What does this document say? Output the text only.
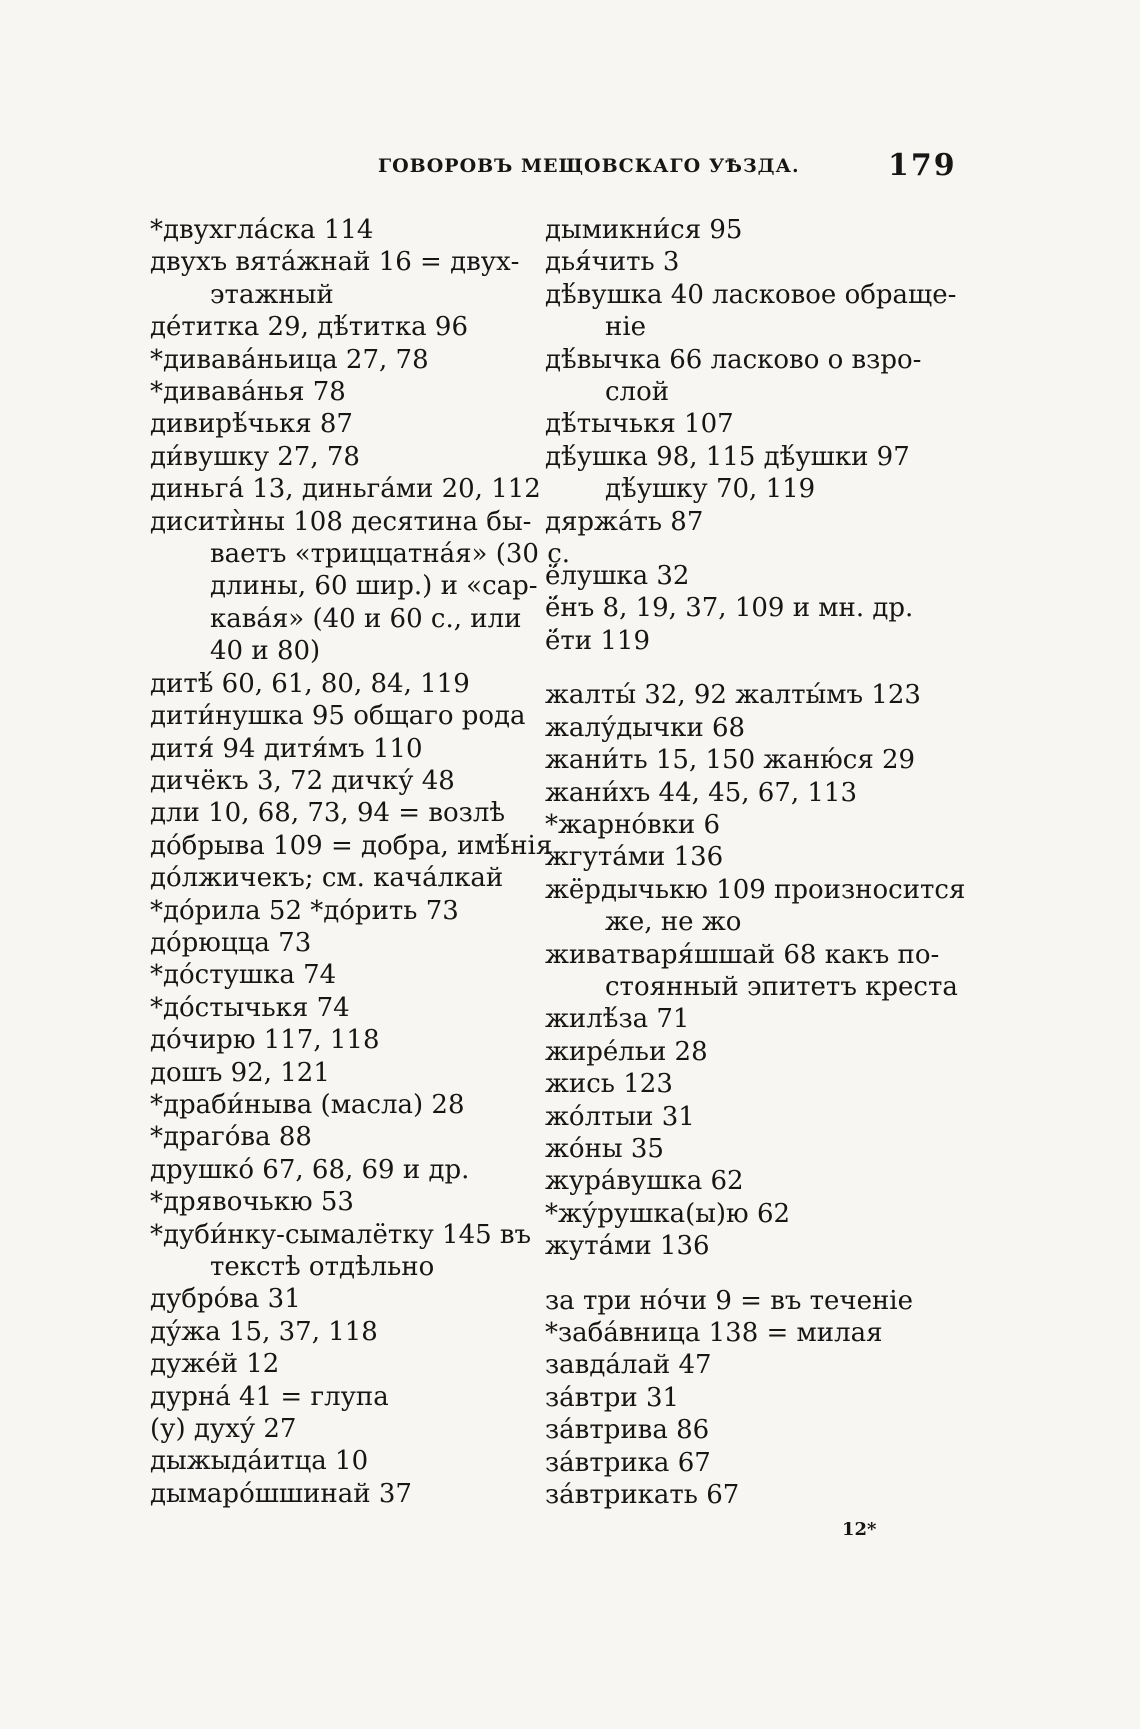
ГОВОРОВЪ МЕЩОВСКАГО УѢЗДА.	179
*двухгла́ска 114
двухъ вята́жнай 16 = двух-
этажный
де́титка 29, дѣ́титка 96
*дивава́ньица 27, 78
*дивава́нья 78
дивирѣ́чькя 87
ди́вушку 27, 78
диньга́ 13, диньга́ми 20, 112
диситѝны 108 десятина бы-
ваетъ «триццатна́я» (30 с.
длины, 60 шир.) и «сар-
кава́я» (40 и 60 с., или
40 и 80)
дитѣ́ 60, 61, 80, 84, 119
дити́нушка 95 общаго рода
дитя́ 94 дитя́мъ 110
дичёкъ 3, 72 дичку́ 48
дли 10, 68, 73, 94 = возлѣ
до́брыва 109 = добра, имѣ́нія
до́лжичекъ; см. кача́лкай
*до́рила 52 *до́рить 73
до́рюцца 73
*до́стушка 74
*до́стычькя 74
до́чирю 117, 118
дошъ 92, 121
*драби́нывa (масла) 28
*драго́ва 88
друшко́ 67, 68, 69 и др.
*дрявочькю 53
*дуби́нку-сымалётку 145 въ
текстѣ отдѣльно
дубро́ва 31
ду́жа 15, 37, 118
дуже́й 12
дурна́ 41 = глупа
(у) духу́ 27
дыжыда́итца 10
дымаро́шшинай 37
дымикни́ся 95
дья́чить 3
дѣ́вушка 40 ласковое обраще-
ніе
дѣ́вычка 66 ласково о взро-
слой
дѣ́тычькя 107
дѣ́ушка 98, 115 дѣ́ушки 97
дѣ́ушку 70, 119
дяржа́ть 87
ё́лушка 32
ё́нъ 8, 19, 37, 109 и мн. др.
ё́ти 119
жалты́ 32, 92 жалты́мъ 123
жалу́дычки 68
жани́ть 15, 150 жаню́ся 29
жани́хъ 44, 45, 67, 113
*жарно́вки 6
жгута́ми 136
жёрдычькю 109 произносится
же, не жо
живатваря́шшай 68 какъ по-
стоянный эпитетъ креста
жилѣ́за 71
жире́льи 28
жись 123
жо́лтыи 31
жо́ны 35
жура́вушка 62
*жу́рушка(ы)ю 62
жута́ми 136
за три но́чи 9 = въ теченіе
*заба́вница 138 = милая
завда́лай 47
за́втри 31
за́втрива 86
за́втрика 67
за́втрикать 67
12*
